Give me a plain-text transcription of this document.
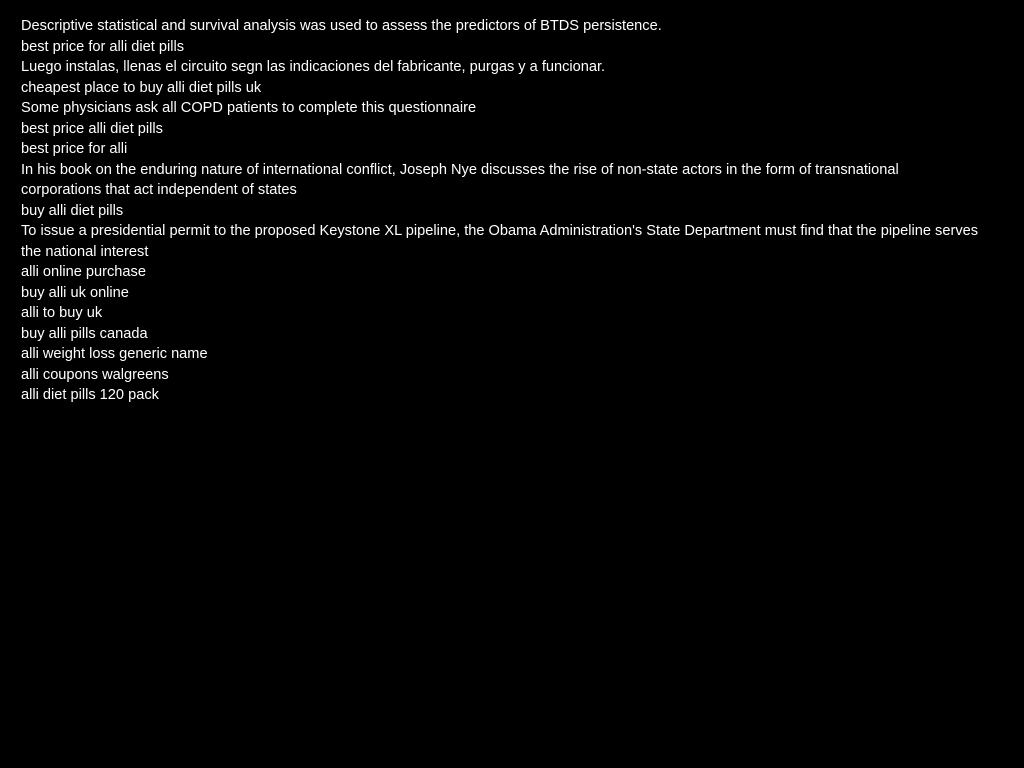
Descriptive statistical and survival analysis was used to assess the predictors of BTDS persistence.
best price for alli diet pills
Luego instalas, llenas el circuito segn las indicaciones del fabricante, purgas y a funcionar.
cheapest place to buy alli diet pills uk
Some physicians ask all COPD patients to complete this questionnaire
best price alli diet pills
best price for alli
In his book on the enduring nature of international conflict, Joseph Nye discusses the rise of non-state actors in the form of transnational corporations that act independent of states
buy alli diet pills
To issue a presidential permit to the proposed Keystone XL pipeline, the Obama Administration's State Department must find that the pipeline serves the national interest
alli online purchase
buy alli uk online
alli to buy uk
buy alli pills canada
alli weight loss generic name
alli coupons walgreens
alli diet pills 120 pack
